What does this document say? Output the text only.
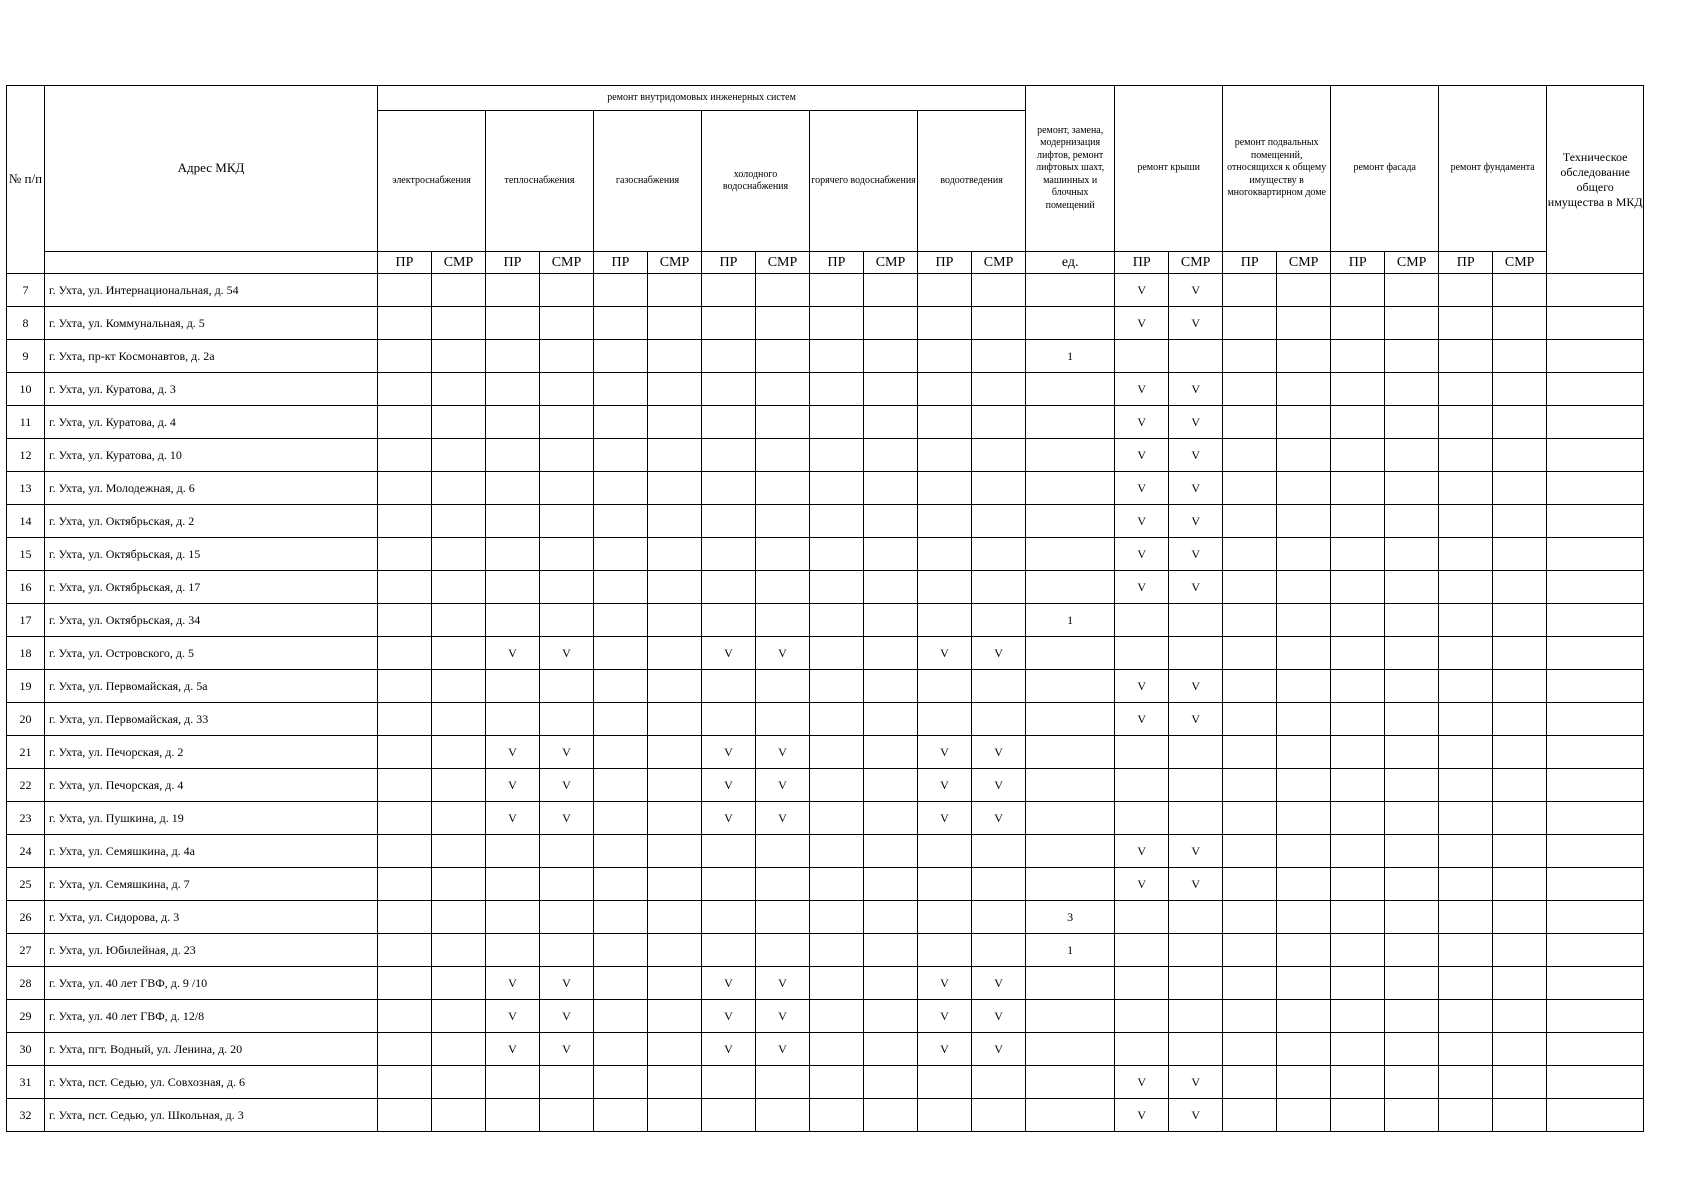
№ п/п	Адрес МКД	ремонт внутридомовых инженерных систем												ремонт, замена, модернизация лифтов, ремонт лифтовых шахт, машинных и блочных помещений	ремонт крыши		ремонт подвальных помещений, относящихся к общему имуществу в многоквартирном доме		ремонт фасада		ремонт фундамента		Техническое обследование общего имущества в МКД
		электроснабжения		теплоснабжения		газоснабжения		холодного водоснабжения		горячего водоснабжения		водоотведения											
		ПР	СМР	ПР	СМР	ПР	СМР	ПР	СМР	ПР	СМР	ПР	СМР	ед.	ПР	СМР	ПР	СМР	ПР	СМР	ПР	СМР	
7	г. Ухта, ул. Интернациональная, д. 54														V	V							
8	г. Ухта, ул. Коммунальная, д. 5														V	V							
9	г. Ухта, пр-кт Космонавтов, д. 2а													1									
10	г. Ухта, ул. Куратова, д. 3														V	V							
11	г. Ухта, ул. Куратова, д. 4														V	V							
12	г. Ухта, ул. Куратова, д. 10														V	V							
13	г. Ухта, ул. Молодежная, д. 6														V	V							
14	г. Ухта, ул. Октябрьская, д. 2														V	V							
15	г. Ухта, ул. Октябрьская, д. 15														V	V							
16	г. Ухта, ул. Октябрьская, д. 17														V	V							
17	г. Ухта, ул. Октябрьская, д. 34													1									
18	г. Ухта, ул. Островского, д. 5			V	V			V	V			V	V										
19	г. Ухта, ул. Первомайская, д. 5а														V	V							
20	г. Ухта, ул. Первомайская, д. 33														V	V							
21	г. Ухта, ул. Печорская, д. 2			V	V			V	V			V	V										
22	г. Ухта, ул. Печорская, д. 4			V	V			V	V			V	V										
23	г. Ухта, ул. Пушкина, д. 19			V	V			V	V			V	V										
24	г. Ухта, ул. Семяшкина, д. 4а														V	V							
25	г. Ухта, ул. Семяшкина, д. 7														V	V							
26	г. Ухта, ул. Сидорова, д. 3													3									
27	г. Ухта, ул. Юбилейная, д. 23													1									
28	г. Ухта, ул. 40 лет ГВФ, д. 9 /10			V	V			V	V			V	V										
29	г. Ухта, ул. 40 лет ГВФ, д. 12/8			V	V			V	V			V	V										
30	г. Ухта, пгт. Водный, ул. Ленина, д. 20			V	V			V	V			V	V										
31	г. Ухта, пст. Седью, ул. Совхозная, д. 6														V	V							
32	г. Ухта, пст. Седью, ул. Школьная, д. 3														V	V							
